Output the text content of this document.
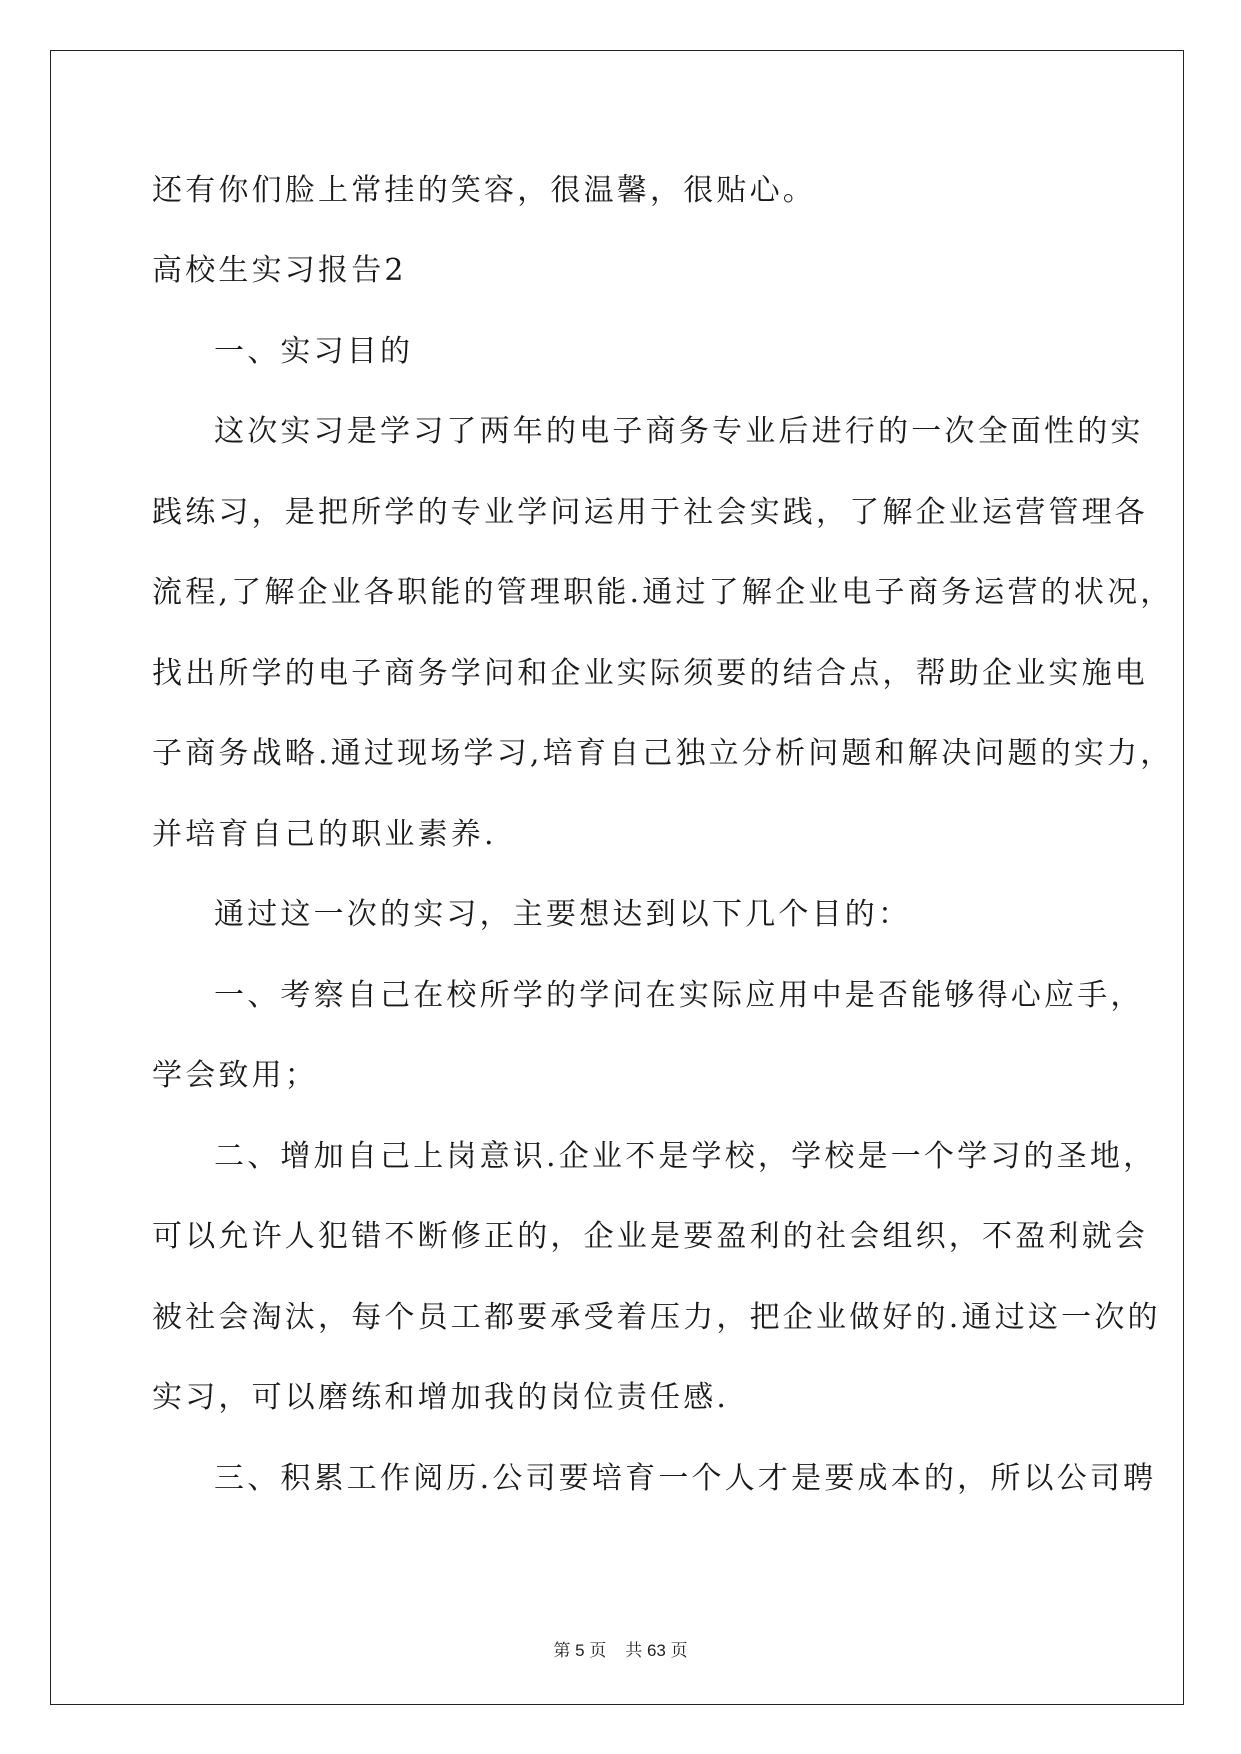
还有你们脸上常挂的笑容，很温馨，很贴心。
高校生实习报告2
一、实习目的
这次实习是学习了两年的电子商务专业后进行的一次全面性的实
践练习，是把所学的专业学问运用于社会实践，了解企业运营管理各
流程,了解企业各职能的管理职能.通过了解企业电子商务运营的状况，
找出所学的电子商务学问和企业实际须要的结合点，帮助企业实施电
子商务战略.通过现场学习,培育自己独立分析问题和解决问题的实力，
并培育自己的职业素养.
通过这一次的实习，主要想达到以下几个目的：
一、考察自己在校所学的学问在实际应用中是否能够得心应手，
学会致用；
二、增加自己上岗意识.企业不是学校，学校是一个学习的圣地，
可以允许人犯错不断修正的，企业是要盈利的社会组织，不盈利就会
被社会淘汰，每个员工都要承受着压力，把企业做好的.通过这一次的
实习，可以磨练和增加我的岗位责任感.
三、积累工作阅历.公司要培育一个人才是要成本的，所以公司聘
第 5 页    共 63 页
